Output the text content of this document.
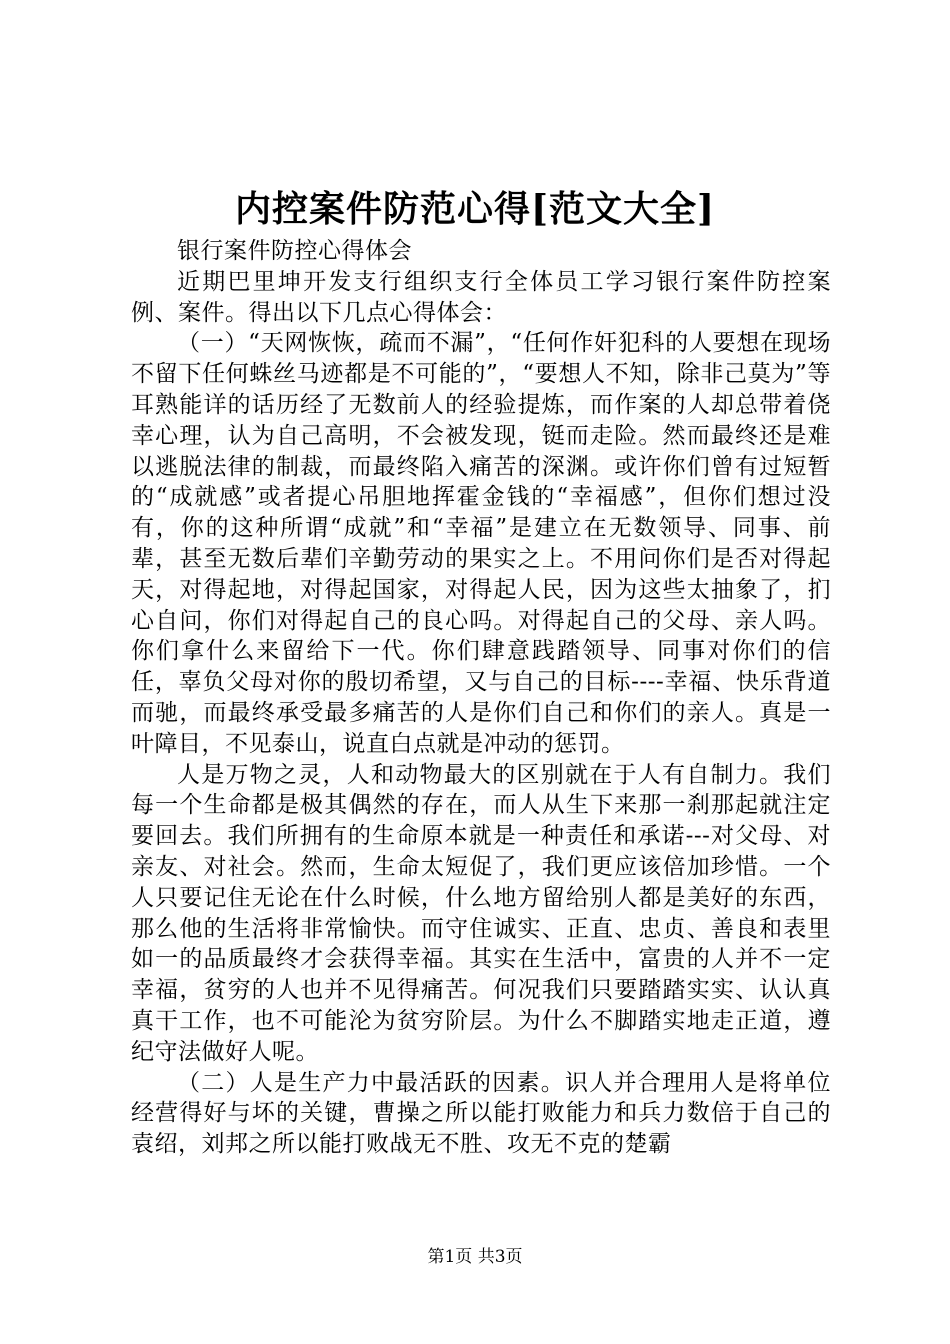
内控案件防范心得[范文大全]

银行案件防控心得体会

近期巴里坤开发支行组织支行全体员工学习银行案件防控案例、案件。得出以下几点心得体会：

（一）“天网恢恢，疏而不漏”，“任何作奸犯科的人要想在现场不留下任何蛛丝马迹都是不可能的”，“要想人不知，除非己莫为”等耳熟能详的话历经了无数前人的经验提炼，而作案的人却总带着侥幸心理，认为自己高明，不会被发现，铤而走险。然而最终还是难以逃脱法律的制裁，而最终陷入痛苦的深渊。或许你们曾有过短暂的“成就感”或者提心吊胆地挥霍金钱的“幸福感”，但你们想过没有，你的这种所谓“成就”和“幸福”是建立在无数领导、同事、前辈，甚至无数后辈们辛勤劳动的果实之上。不用问你们是否对得起天，对得起地，对得起国家，对得起人民，因为这些太抽象了，扪心自问，你们对得起自己的良心吗。对得起自己的父母、亲人吗。你们拿什么来留给下一代。你们肆意践踏领导、同事对你们的信任，辜负父母对你的殷切希望，又与自己的目标----幸福、快乐背道而驰，而最终承受最多痛苦的人是你们自己和你们的亲人。真是一叶障目，不见泰山，说直白点就是冲动的惩罚。

人是万物之灵，人和动物最大的区别就在于人有自制力。我们每一个生命都是极其偶然的存在，而人从生下来那一刹那起就注定要回去。我们所拥有的生命原本就是一种责任和承诺---对父母、对亲友、对社会。然而，生命太短促了，我们更应该倍加珍惜。一个人只要记住无论在什么时候，什么地方留给别人都是美好的东西，那么他的生活将非常愉快。而守住诚实、正直、忠贞、善良和表里如一的品质最终才会获得幸福。其实在生活中，富贵的人并不一定幸福，贫穷的人也并不见得痛苦。何况我们只要踏踏实实、认认真真干工作，也不可能沦为贫穷阶层。为什么不脚踏实地走正道，遵纪守法做好人呢。

（二）人是生产力中最活跃的因素。识人并合理用人是将单位经营得好与坏的关键，曹操之所以能打败能力和兵力数倍于自己的袁绍，刘邦之所以能打败战无不胜、攻无不克的楚霸

第1页 共3页
